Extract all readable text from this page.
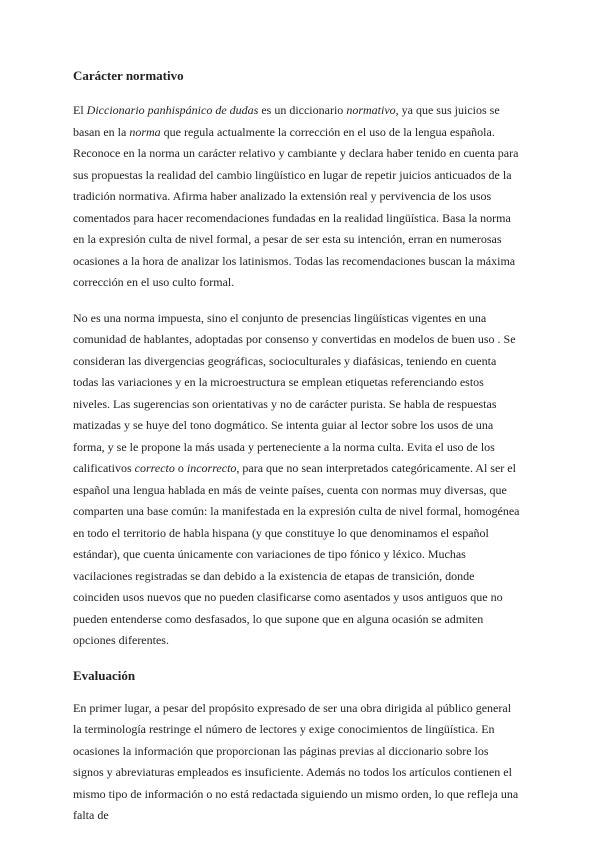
Carácter normativo

El Diccionario panhispánico de dudas es un diccionario normativo, ya que sus juicios se basan en la norma que regula actualmente la corrección en el uso de la lengua española. Reconoce en la norma un carácter relativo y cambiante y declara haber tenido en cuenta para sus propuestas la realidad del cambio lingüístico en lugar de repetir juicios anticuados de la tradición normativa. Afirma haber analizado la extensión real y pervivencia de los usos comentados para hacer recomendaciones fundadas en la realidad lingüística. Basa la norma en la expresión culta de nivel formal, a pesar de ser esta su intención, erran en numerosas ocasiones a la hora de analizar los latinismos. Todas las recomendaciones buscan la máxima corrección en el uso culto formal.

No es una norma impuesta, sino el conjunto de presencias lingüísticas vigentes en una comunidad de hablantes, adoptadas por consenso y convertidas en modelos de buen uso . Se consideran las divergencias geográficas, socioculturales y diafásicas, teniendo en cuenta todas las variaciones y en la microestructura se emplean etiquetas referenciando estos niveles. Las sugerencias son orientativas y no de carácter purista. Se habla de respuestas matizadas y se huye del tono dogmático. Se intenta guiar al lector sobre los usos de una forma, y se le propone la más usada y perteneciente a la norma culta. Evita el uso de los calificativos correcto o incorrecto, para que no sean interpretados categóricamente. Al ser el español una lengua hablada en más de veinte países, cuenta con normas muy diversas, que comparten una base común: la manifestada en la expresión culta de nivel formal, homogénea en todo el territorio de habla hispana (y que constituye lo que denominamos el español estándar), que cuenta únicamente con variaciones de tipo fónico y léxico. Muchas vacilaciones registradas se dan debido a la existencia de etapas de transición, donde coinciden usos nuevos que no pueden clasificarse como asentados y usos antiguos que no pueden entenderse como desfasados, lo que supone que en alguna ocasión se admiten opciones diferentes.

Evaluación

En primer lugar, a pesar del propósito expresado de ser una obra dirigida al público general la terminología restringe el número de lectores y exige conocimientos de lingüística. En ocasiones la información que proporcionan las páginas previas al diccionario sobre los signos y abreviaturas empleados es insuficiente. Además no todos los artículos contienen el mismo tipo de información o no está redactada siguiendo un mismo orden, lo que refleja una falta de
